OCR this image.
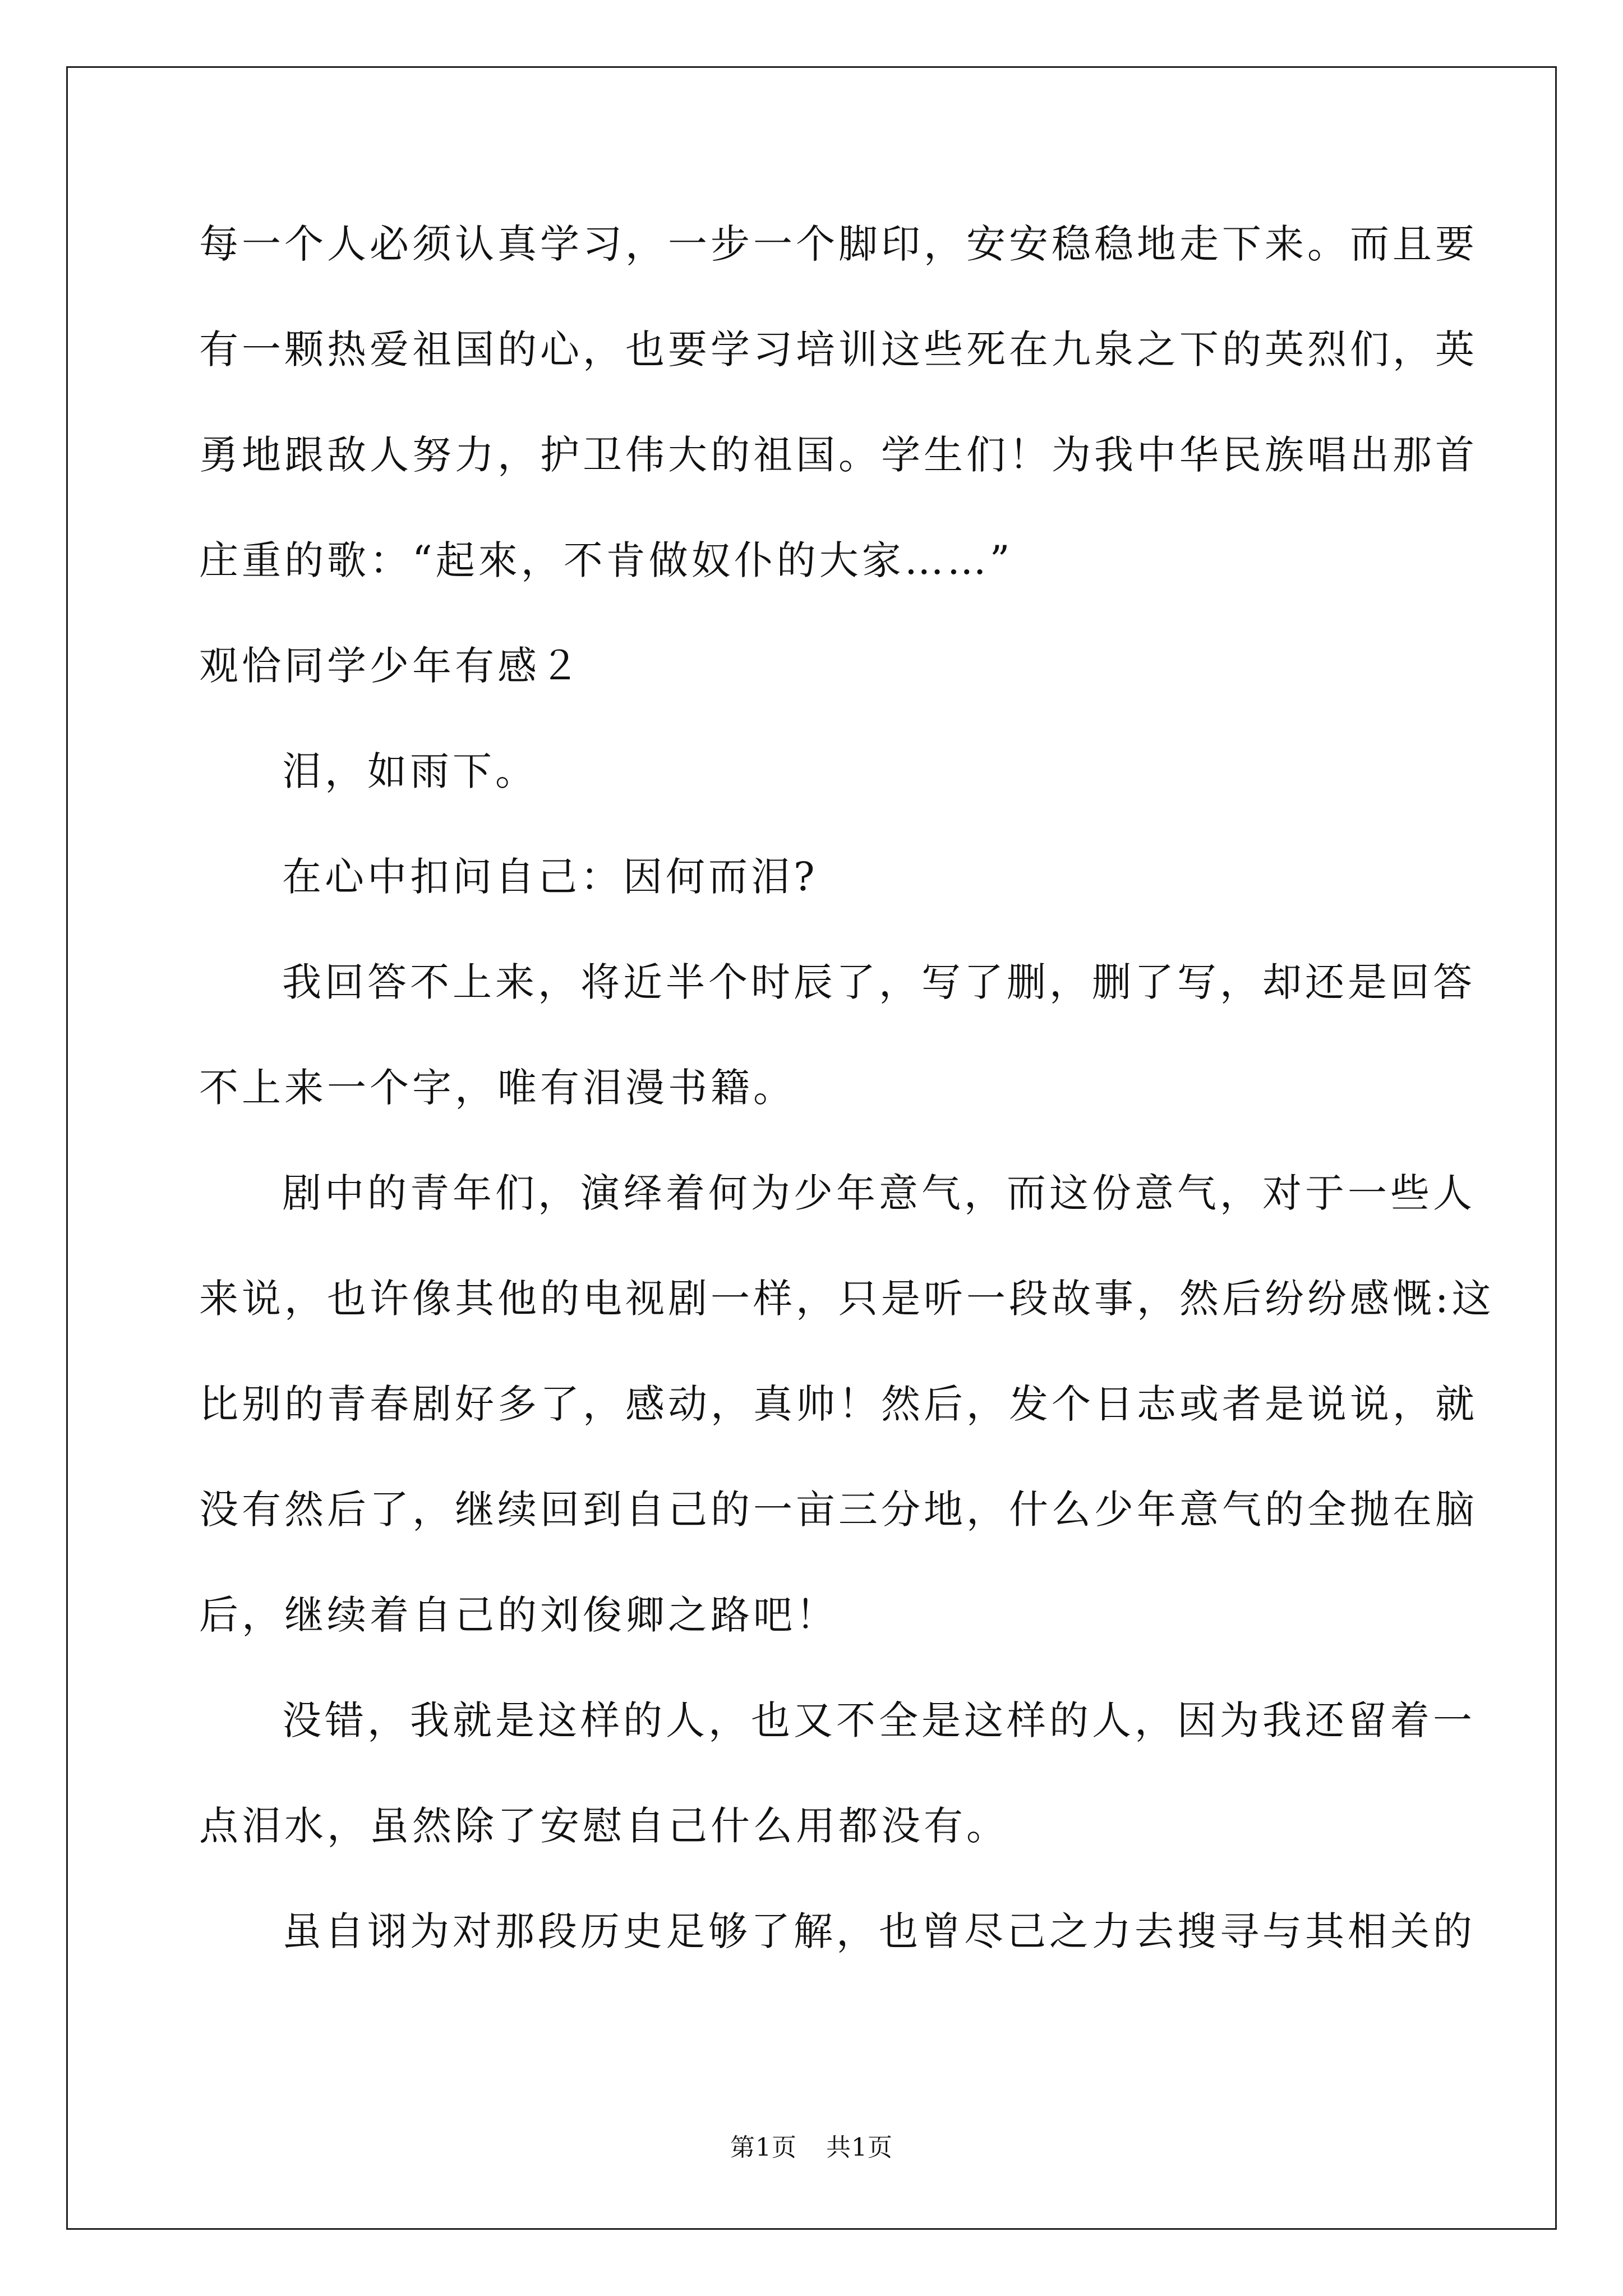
每一个人必须认真学习，一步一个脚印，安安稳稳地走下来。而且要
有一颗热爱祖国的心，也要学习培训这些死在九泉之下的英烈们，英
勇地跟敌人努力，护卫伟大的祖国。学生们！为我中华民族唱出那首
庄重的歌：“起來，不肯做奴仆的大家……”
观恰同学少年有感２
泪，如雨下。
在心中扣问自己：因何而泪?
我回答不上来，将近半个时辰了，写了删，删了写，却还是回答
不上来一个字，唯有泪漫书籍。
剧中的青年们，演绎着何为少年意气，而这份意气，对于一些人
来说，也许像其他的电视剧一样，只是听一段故事，然后纷纷感慨:这
比别的青春剧好多了，感动，真帅！然后，发个日志或者是说说，就
没有然后了，继续回到自己的一亩三分地，什么少年意气的全抛在脑
后，继续着自己的刘俊卿之路吧！
没错，我就是这样的人，也又不全是这样的人，因为我还留着一
点泪水，虽然除了安慰自己什么用都没有。
虽自诩为对那段历史足够了解，也曾尽己之力去搜寻与其相关的
第1页 共1页
